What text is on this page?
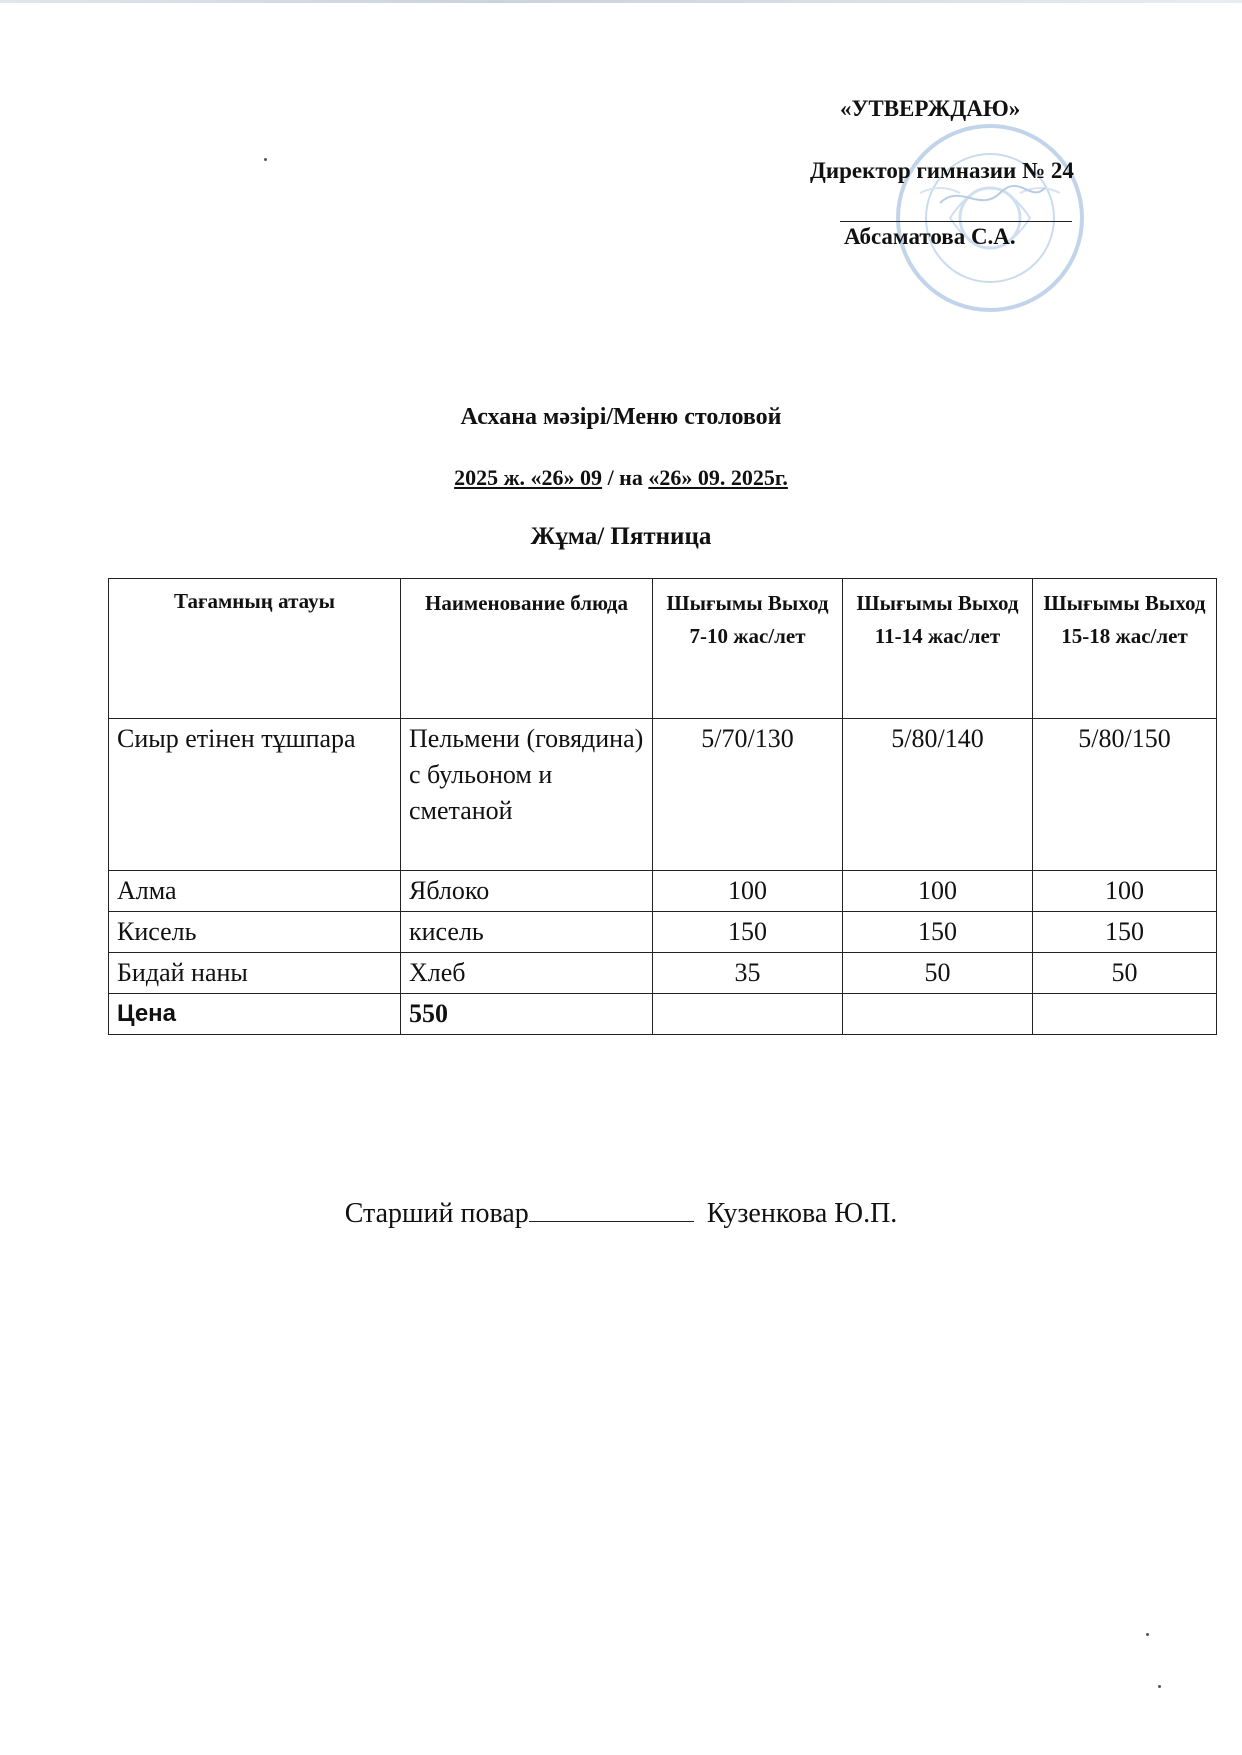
«УТВЕРЖДАЮ»
Директор гимназии № 24
Абсаматова С.А.
Асхана мәзірі/Меню столовой
2025 ж. «26» 09 / на «26» 09. 2025г.
Жұма/ Пятница
Тағамның атауы	Наименование блюда	Шығымы Выход 7-10 жас/лет	Шығымы Выход 11-14 жас/лет	Шығымы Выход 15-18 жас/лет
Сиыр етінен тұшпара	Пельмени (говядина) с бульоном и сметаной	5/70/130	5/80/140	5/80/150
Алма	Яблоко	100	100	100
Кисель	кисель	150	150	150
Бидай наны	Хлеб	35	50	50
Цена	550			
Старший повар	Кузенкова Ю.П.
